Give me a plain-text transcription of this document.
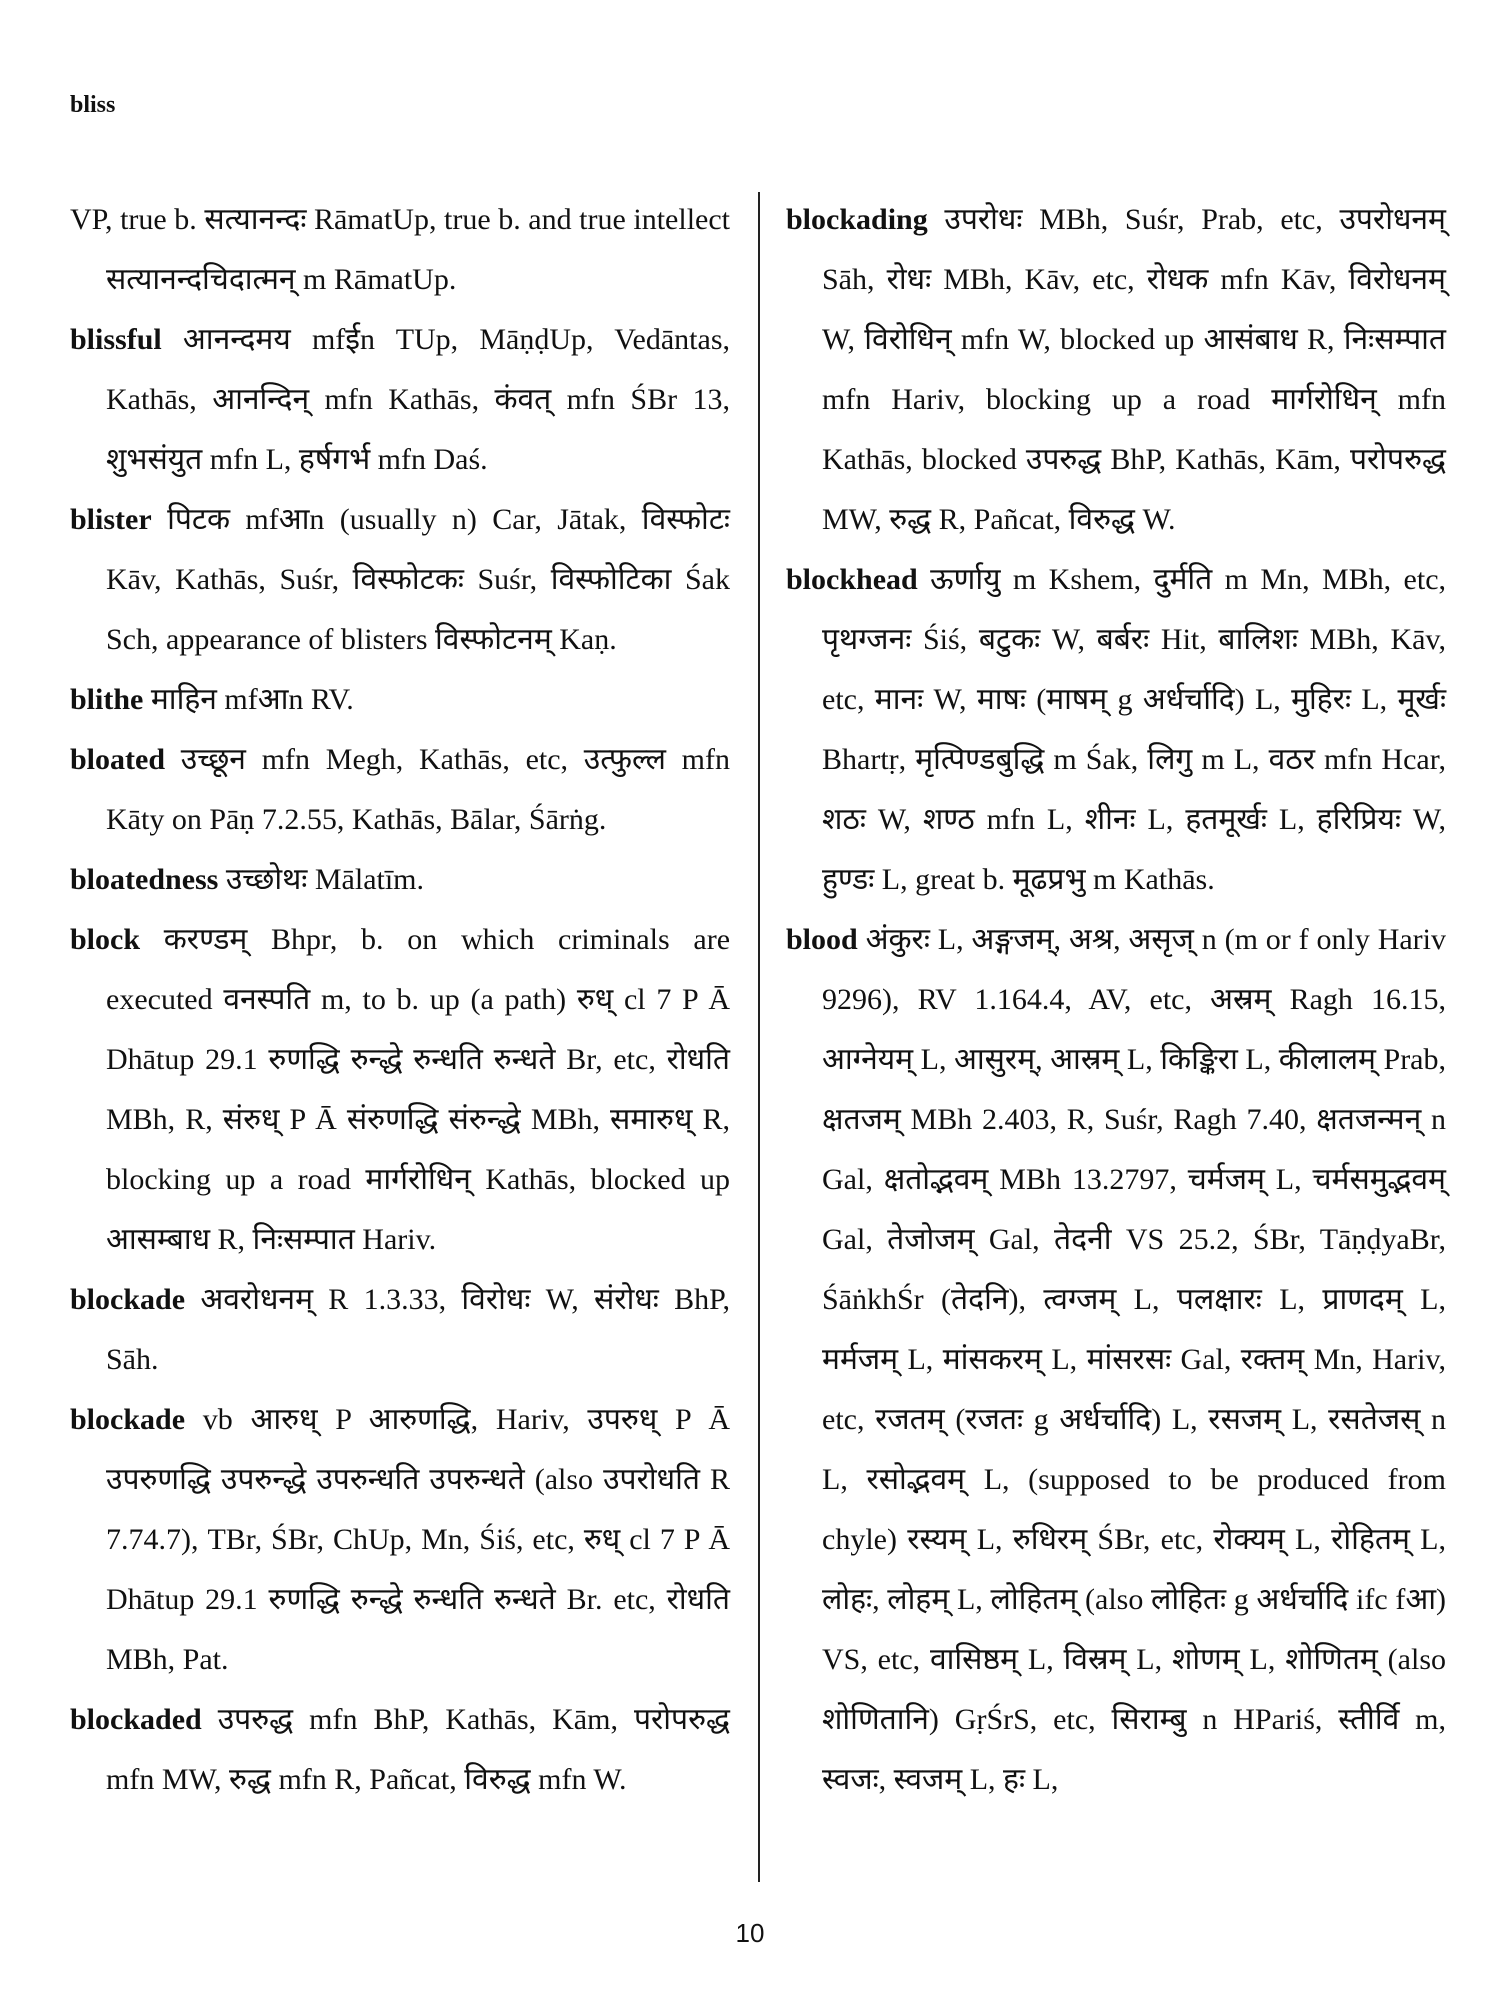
bliss

VP, true b. सत्यानन्दः RāmatUp, true b. and true intellect सत्यानन्दचिदात्मन् m RāmatUp.

blissful आनन्दमय mfईn TUp, MāṇḍUp, Vedāntas, Kathās, आनन्दिन् mfn Kathās, कंवत् mfn ŚBr 13, शुभसंयुत mfn L, हर्षगर्भ mfn Daś.

blister पिटक mfआn (usually n) Car, Jātak, विस्फोटः Kāv, Kathās, Suśr, विस्फोटकः Suśr, विस्फोटिका Śak Sch, appearance of blisters विस्फोटनम् Kaṇ.

blithe माहिन mfआn RV.

bloated उच्छून mfn Megh, Kathās, etc, उत्फुल्ल mfn Kāty on Pāṇ 7.2.55, Kathās, Bālar, Śārṅg.

bloatedness उच्छोथः Mālatīm.

block करण्डम् Bhpr, b. on which criminals are executed वनस्पति m, to b. up (a path) रुध् cl 7 P Ā Dhātup 29.1 रुणद्धि रुन्द्धे रुन्धति रुन्धते Br, etc, रोधति MBh, R, संरुध् P Ā संरुणद्धि संरुन्द्धे MBh, समारुध् R, blocking up a road मार्गरोधिन् Kathās, blocked up आसम्बाध R, निःसम्पात Hariv.

blockade अवरोधनम् R 1.3.33, विरोधः W, संरोधः BhP, Sāh.

blockade vb आरुध् P आरुणद्धि, Hariv, उपरुध् P Ā उपरुणद्धि उपरुन्द्धे उपरुन्धति उपरुन्धते (also उपरोधति R 7.74.7), TBr, ŚBr, ChUp, Mn, Śiś, etc, रुध् cl 7 P Ā Dhātup 29.1 रुणद्धि रुन्द्धे रुन्धति रुन्धते Br. etc, रोधति MBh, Pat.

blockaded उपरुद्ध mfn BhP, Kathās, Kām, परोपरुद्ध mfn MW, रुद्ध mfn R, Pañcat, विरुद्ध mfn W.

blockading उपरोधः MBh, Suśr, Prab, etc, उपरोधनम् Sāh, रोधः MBh, Kāv, etc, रोधक mfn Kāv, विरोधनम् W, विरोधिन् mfn W, blocked up आसंबाध R, निःसम्पात mfn Hariv, blocking up a road मार्गरोधिन् mfn Kathās, blocked उपरुद्ध BhP, Kathās, Kām, परोपरुद्ध MW, रुद्ध R, Pañcat, विरुद्ध W.

blockhead ऊर्णायु m Kshem, दुर्मति m Mn, MBh, etc, पृथग्जनः Śiś, बटुकः W, बर्बरः Hit, बालिशः MBh, Kāv, etc, मानः W, माषः (माषम् g अर्धर्चादि) L, मुहिरः L, मूर्खः Bhartṛ, मृत्पिण्डबुद्धि m Śak, लिगु m L, वठर mfn Hcar, शठः W, शण्ठ mfn L, शीनः L, हतमूर्खः L, हरिप्रियः W, हुण्डः L, great b. मूढप्रभु m Kathās.

blood अंकुरः L, अङ्गजम्, अश्र, असृज् n (m or f only Hariv 9296), RV 1.164.4, AV, etc, अस्रम् Ragh 16.15, आग्नेयम् L, आसुरम्, आस्रम् L, किङ्किरा L, कीलालम् Prab, क्षतजम् MBh 2.403, R, Suśr, Ragh 7.40, क्षतजन्मन् n Gal, क्षतोद्भवम् MBh 13.2797, चर्मजम् L, चर्मसमुद्भवम् Gal, तेजोजम् Gal, तेदनी VS 25.2, ŚBr, TāṇḍyaBr, ŚāṅkhŚr (तेदनि), त्वग्जम् L, पलक्षारः L, प्राणदम् L, मर्मजम् L, मांसकरम् L, मांसरसः Gal, रक्तम् Mn, Hariv, etc, रजतम् (रजतः g अर्धर्चादि) L, रसजम् L, रसतेजस् n L, रसोद्भवम् L, (supposed to be produced from chyle) रस्यम् L, रुधिरम् ŚBr, etc, रोक्यम् L, रोहितम् L, लोहः, लोहम् L, लोहितम् (also लोहितः g अर्धर्चादि ifc fआ) VS, etc, वासिष्ठम् L, विस्रम् L, शोणम् L, शोणितम् (also शोणितानि) GṛŚrS, etc, सिराम्बु n HPariś, स्तीर्वि m, स्वजः, स्वजम् L, हः L,

10
